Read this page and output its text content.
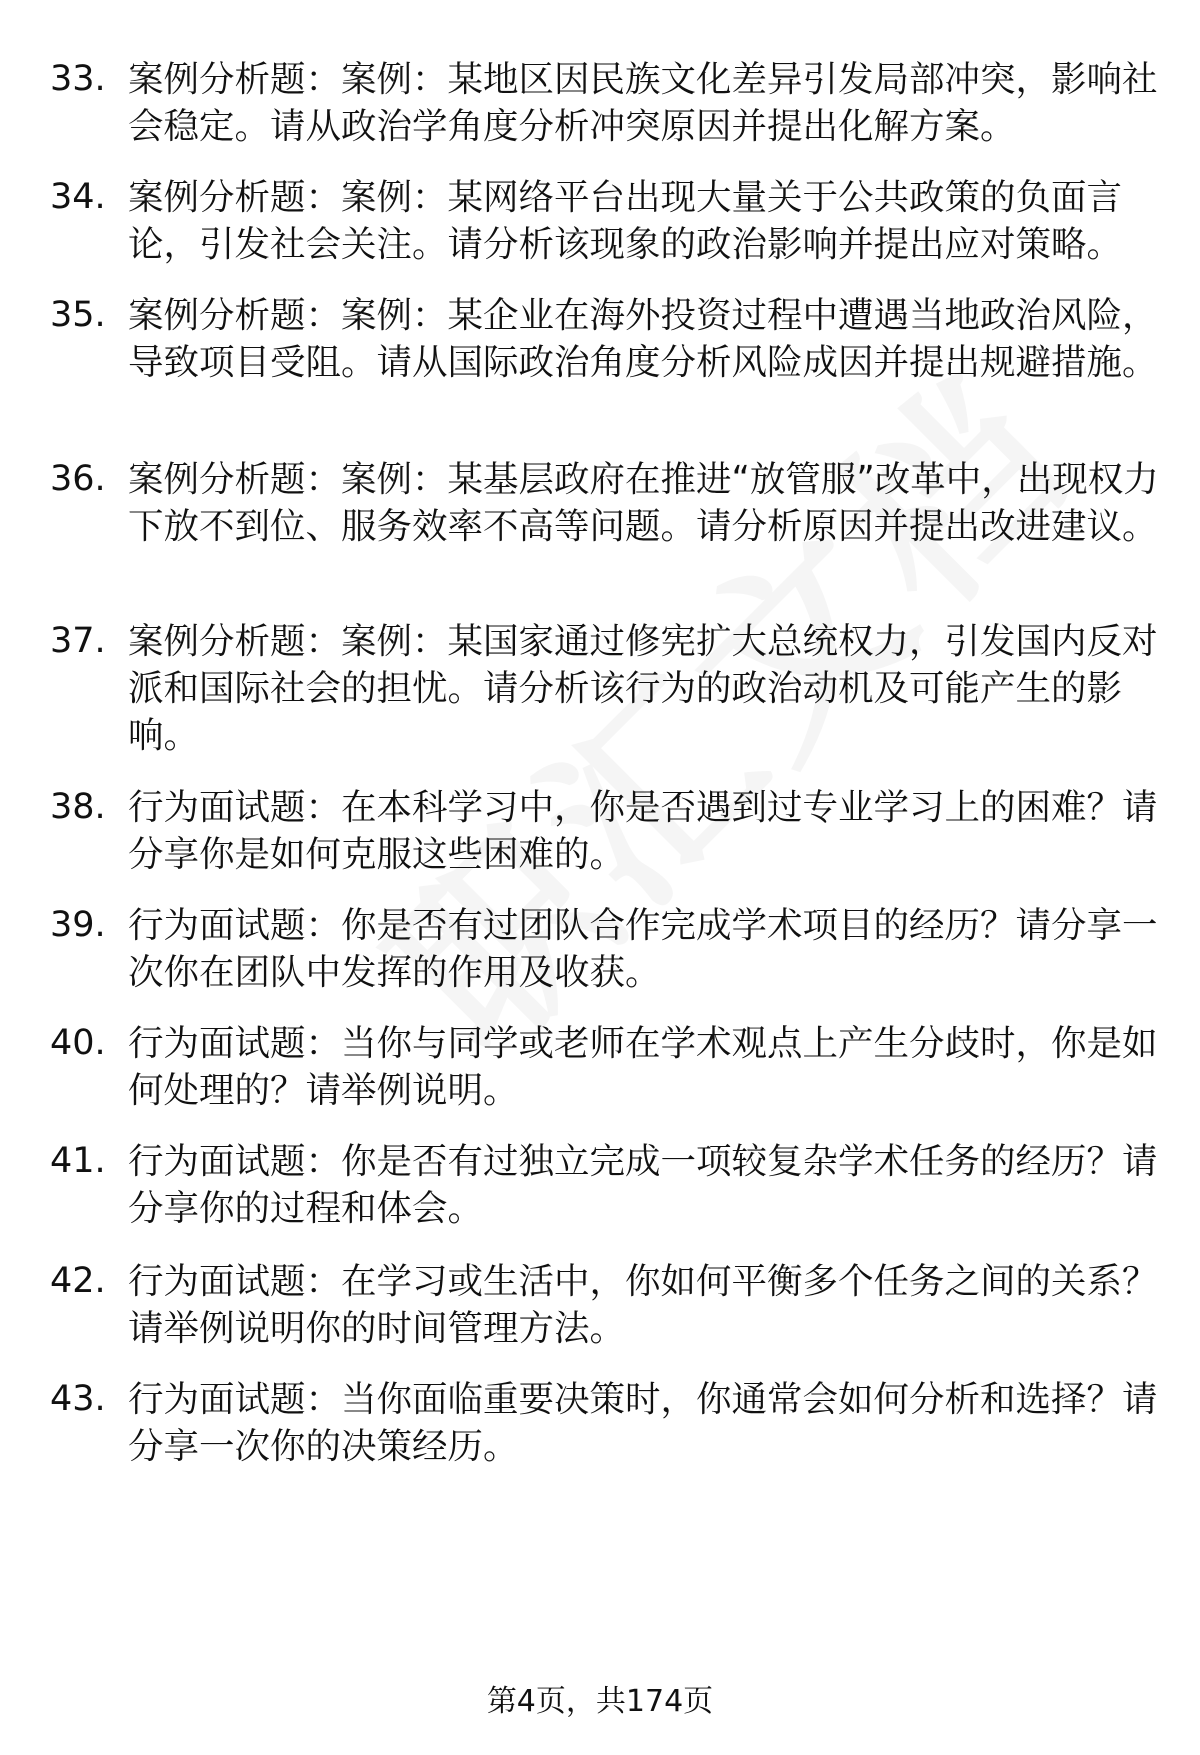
33. 案例分析题：案例：某地区因民族文化差异引发局部冲突，影响社会稳定。请从政治学角度分析冲突原因并提出化解方案。
34. 案例分析题：案例：某网络平台出现大量关于公共政策的负面言论，引发社会关注。请分析该现象的政治影响并提出应对策略。
35. 案例分析题：案例：某企业在海外投资过程中遭遇当地政治风险，导致项目受阻。请从国际政治角度分析风险成因并提出规避措施。
36. 案例分析题：案例：某基层政府在推进“放管服”改革中，出现权力下放不到位、服务效率不高等问题。请分析原因并提出改进建议。
37. 案例分析题：案例：某国家通过修宪扩大总统权力，引发国内反对派和国际社会的担忧。请分析该行为的政治动机及可能产生的影响。
38. 行为面试题：在本科学习中，你是否遇到过专业学习上的困难？请分享你是如何克服这些困难的。
39. 行为面试题：你是否有过团队合作完成学术项目的经历？请分享一次你在团队中发挥的作用及收获。
40. 行为面试题：当你与同学或老师在学术观点上产生分歧时，你是如何处理的？请举例说明。
41. 行为面试题：你是否有过独立完成一项较复杂学术任务的经历？请分享你的过程和体会。
42. 行为面试题：在学习或生活中，你如何平衡多个任务之间的关系？请举例说明你的时间管理方法。
43. 行为面试题：当你面临重要决策时，你通常会如何分析和选择？请分享一次你的决策经历。
第4页，共174页
